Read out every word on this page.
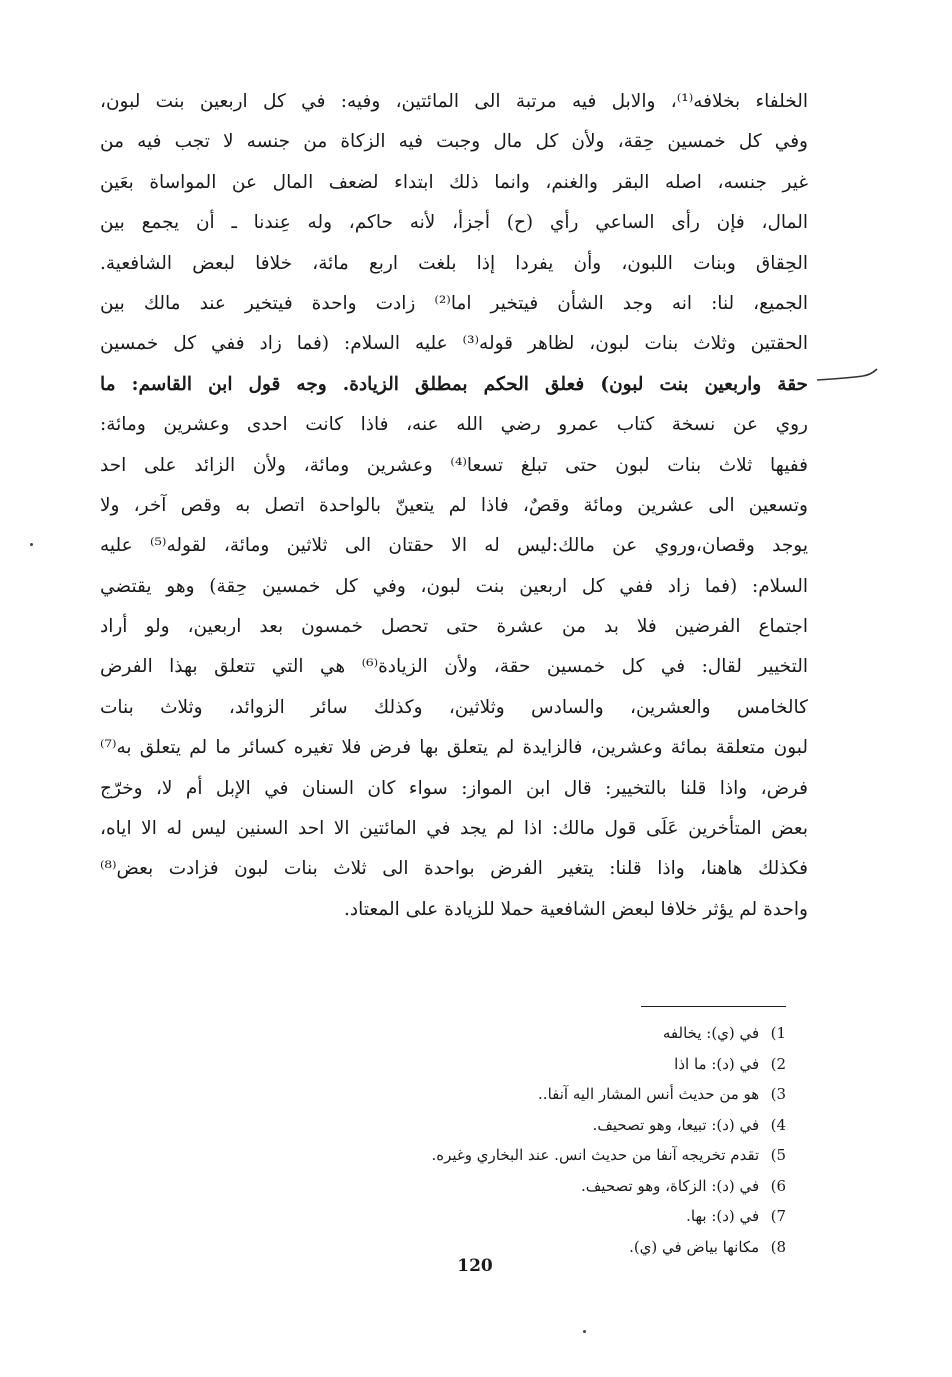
الخلفاء بخلافه⁽¹⁾، والابل فيه مرتبة الى المائتين، وفيه: في كل اربعين بنت لبون،
وفي كل خمسين حِقة، ولأن كل مال وجبت فيه الزكاة من جنسه لا تجب فيه من
غير جنسه، اصله البقر والغنم، وانما ذلك ابتداء لضعف المال عن المواساة بعَين
المال، فإن رأى الساعي رأي (ح) أجزأ، لأنه حاكم، وله عِندنا ـ أن يجمع بين
الحِقاق وبنات اللبون، وأن يفردا إذا بلغت اربع مائة، خلافا لبعض الشافعية.
الجميع، لنا: انه وجد الشأن فيتخير اما⁽²⁾ زادت واحدة فيتخير عند مالك بين
الحقتين وثلاث بنات لبون، لظاهر قوله⁽³⁾ عليه السلام: (فما زاد ففي كل خمسين
حقة واربعين بنت لبون) فعلق الحكم بمطلق الزيادة. وجه قول ابن القاسم: ما
روي عن نسخة كتاب عمرو رضي الله عنه، فاذا كانت احدى وعشرين ومائة:
ففيها ثلاث بنات لبون حتى تبلغ تسعا⁽⁴⁾ وعشرين ومائة، ولأن الزائد على احد
وتسعين الى عشرين ومائة وقصٌ، فاذا لم يتعينّ بالواحدة اتصل به وقص آخر، ولا
يوجد وقصان،وروي عن مالك:ليس له الا حقتان الى ثلاثين ومائة، لقوله⁽⁵⁾ عليه
السلام: (فما زاد ففي كل اربعين بنت لبون، وفي كل خمسين حِقة) وهو يقتضي
اجتماع الفرضين فلا بد من عشرة حتى تحصل خمسون بعد اربعين، ولو أراد
التخيير لقال: في كل خمسين حقة، ولأن الزيادة⁽⁶⁾ هي التي تتعلق بهذا الفرض
كالخامس والعشرين، والسادس وثلاثين، وكذلك سائر الزوائد، وثلاث بنات
لبون متعلقة بمائة وعشرين، فالزايدة لم يتعلق بها فرض فلا تغيره كسائر ما لم يتعلق به⁽⁷⁾
فرض، واذا قلنا بالتخيير: قال ابن المواز: سواء كان السنان في الإبل أم لا، وخرّج
بعض المتأخرين عَلَى قول مالك: اذا لم يجد في المائتين الا احد السنين ليس له الا اياه،
فكذلك هاهنا، واذا قلنا: يتغير الفرض بواحدة الى ثلاث بنات لبون فزادت بعض⁽⁸⁾
واحدة لم يؤثر خلافا لبعض الشافعية حملا للزيادة على المعتاد.
1) في (ي): يخالفه
2) في (د): ما اذا
3) هو من حديث أنس المشار اليه آنفا..
4) في (د): تبيعا، وهو تصحيف.
5) تقدم تخريجه آنفا من حديث انس. عند البخاري وغيره.
6) في (د): الزكاة، وهو تصحيف.
7) في (د): بها.
8) مكانها بياض في (ي).
120
